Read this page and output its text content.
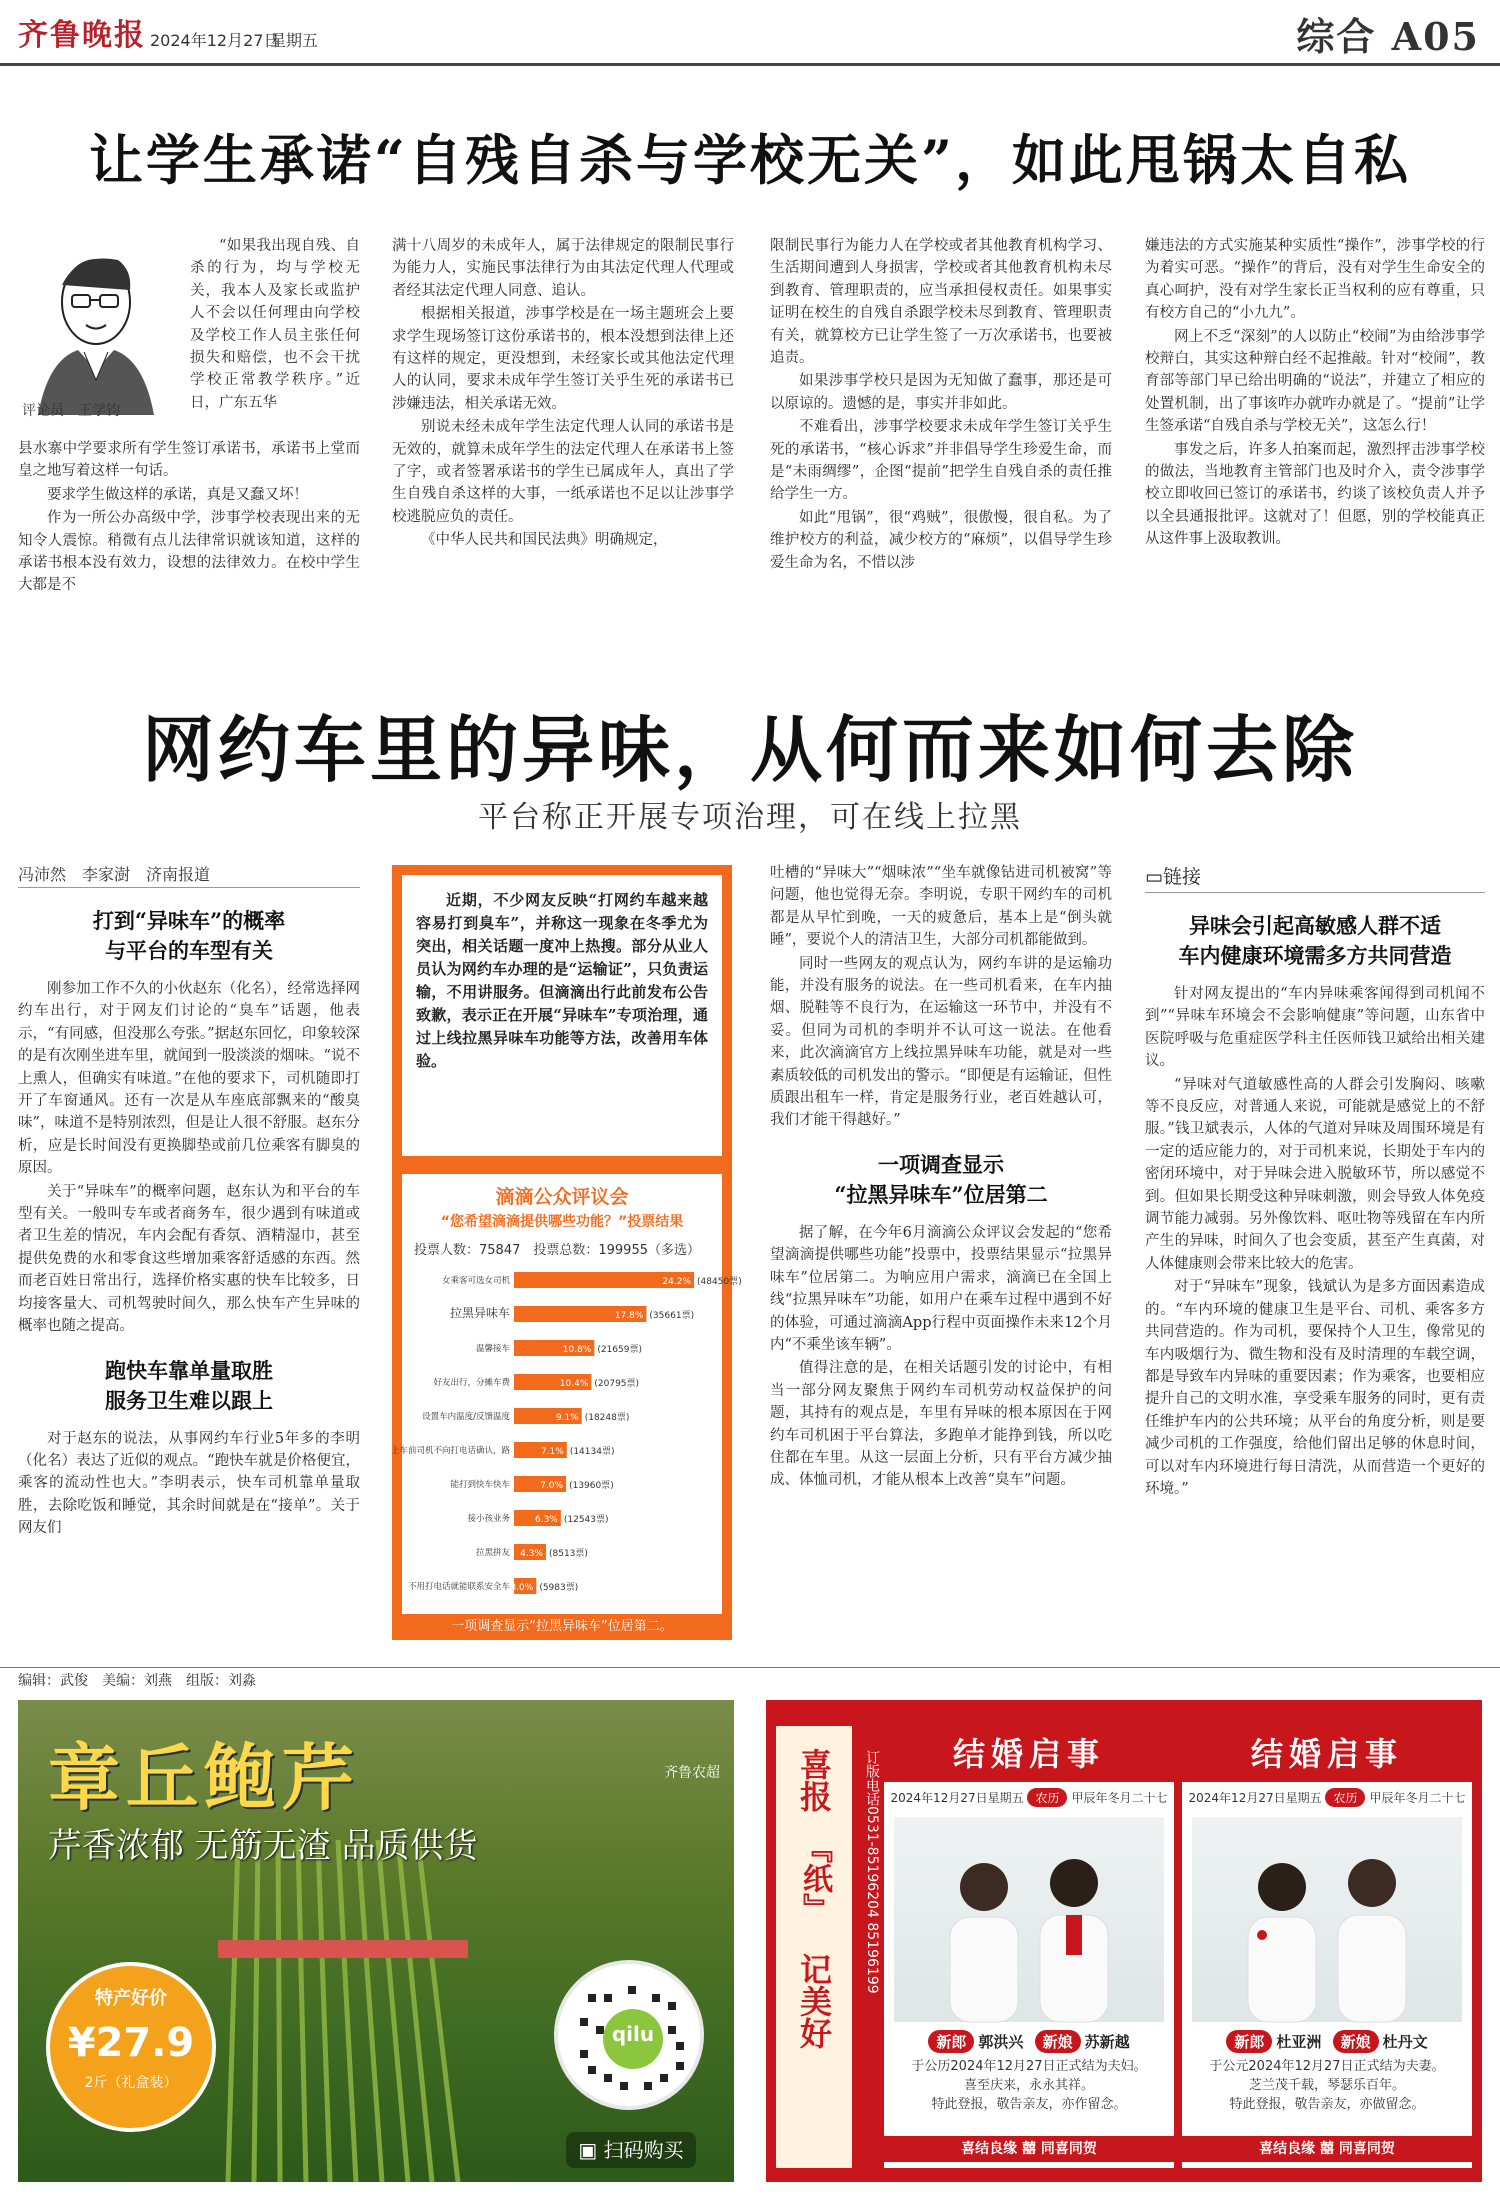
齐鲁晚报 2024年12月27日
星期五	综合 A05
让学生承诺“自残自杀与学校无关”，如此甩锅太自私
评论员　王学钧

“如果我出现自残、自杀的行为，均与学校无关，我本人及家长或监护人不会以任何理由向学校及学校工作人员主张任何损失和赔偿，也不会干扰学校正常教学秩序。”近日，广东五华

县水寨中学要求所有学生签订承诺书，承诺书上堂而皇之地写着这样一句话。

要求学生做这样的承诺，真是又蠢又坏！

作为一所公办高级中学，涉事学校表现出来的无知令人震惊。稍微有点儿法律常识就该知道，这样的承诺书根本没有效力，设想的法律效力。在校中学生大都是不

满十八周岁的未成年人，属于法律规定的限制民事行为能力人，实施民事法律行为由其法定代理人代理或者经其法定代理人同意、追认。

根据相关报道，涉事学校是在一场主题班会上要求学生现场签订这份承诺书的，根本没想到法律上还有这样的规定，更没想到，未经家长或其他法定代理人的认同，要求未成年学生签订关乎生死的承诺书已涉嫌违法，相关承诺无效。

别说未经未成年学生法定代理人认同的承诺书是无效的，就算未成年学生的法定代理人在承诺书上签了字，或者签署承诺书的学生已属成年人，真出了学生自残自杀这样的大事，一纸承诺也不足以让涉事学校逃脱应负的责任。

《中华人民共和国民法典》明确规定，

限制民事行为能力人在学校或者其他教育机构学习、生活期间遭到人身损害，学校或者其他教育机构未尽到教育、管理职责的，应当承担侵权责任。如果事实证明在校生的自残自杀跟学校未尽到教育、管理职责有关，就算校方已让学生签了一万次承诺书，也要被追责。

如果涉事学校只是因为无知做了蠢事，那还是可以原谅的。遗憾的是，事实并非如此。

不难看出，涉事学校要求未成年学生签订关乎生死的承诺书，“核心诉求”并非倡导学生珍爱生命，而是“未雨绸缪”，企图“提前”把学生自残自杀的责任推给学生一方。

如此“甩锅”，很“鸡贼”，很傲慢，很自私。为了维护校方的利益，减少校方的“麻烦”，以倡导学生珍爱生命为名，不惜以涉

嫌违法的方式实施某种实质性“操作”，涉事学校的行为着实可恶。“操作”的背后，没有对学生生命安全的真心呵护，没有对学生家长正当权利的应有尊重，只有校方自己的“小九九”。

网上不乏“深刻”的人以防止“校闹”为由给涉事学校辩白，其实这种辩白经不起推敲。针对“校闹”，教育部等部门早已给出明确的“说法”，并建立了相应的处置机制，出了事该咋办就咋办就是了。“提前”让学生签承诺“自残自杀与学校无关”，这怎么行！

事发之后，许多人拍案而起，激烈抨击涉事学校的做法，当地教育主管部门也及时介入，责令涉事学校立即收回已签订的承诺书，约谈了该校负责人并予以全县通报批评。这就对了！但愿，别的学校能真正从这件事上汲取教训。

网约车里的异味，从何而来如何去除
平台称正开展专项治理，可在线上拉黑
冯沛然　李家澍　济南报道
打到“异味车”的概率
与平台的车型有关

刚参加工作不久的小伙赵东（化名），经常选择网约车出行，对于网友们讨论的“臭车”话题，他表示，“有同感，但没那么夸张。”据赵东回忆，印象较深的是有次刚坐进车里，就闻到一股淡淡的烟味。“说不上熏人，但确实有味道。”在他的要求下，司机随即打开了车窗通风。还有一次是从车座底部飘来的“酸臭味”，味道不是特别浓烈，但是让人很不舒服。赵东分析，应是长时间没有更换脚垫或前几位乘客有脚臭的原因。

关于“异味车”的概率问题，赵东认为和平台的车型有关。一般叫专车或者商务车，很少遇到有味道或者卫生差的情况，车内会配有香氛、酒精湿巾，甚至提供免费的水和零食这些增加乘客舒适感的东西。然而老百姓日常出行，选择价格实惠的快车比较多，日均接客量大、司机驾驶时间久，那么快车产生异味的概率也随之提高。

跑快车靠单量取胜
服务卫生难以跟上

对于赵东的说法，从事网约车行业5年多的李明（化名）表达了近似的观点。“跑快车就是价格便宜，乘客的流动性也大。”李明表示，快车司机靠单量取胜，去除吃饭和睡觉，其余时间就是在“接单”。关于网友们

近期，不少网友反映“打网约车越来越容易打到臭车”，并称这一现象在冬季尤为突出，相关话题一度冲上热搜。部分从业人员认为网约车办理的是“运输证”，只负责运输，不用讲服务。但滴滴出行此前发布公告致歉，表示正在开展“异味车”专项治理，通过上线拉黑异味车功能等方法，改善用车体验。
滴滴公众评议会
“您希望滴滴提供哪些功能？”投票结果
投票人数：75847　投票总数：199955（多选）
女乘客可选女司机	24.2% (48450票)
拉黑异味车	17.8% (35661票)
温馨接车	10.8% (21659票)
好友出行，分摊车费	10.4% (20795票)
设置车内温度/反馈温度	9.1% (18248票)
上车前司机不向打电话确认，路	7.1% (14134票)
能打到快车快车	7.0% (13960票)
接小孩业务	6.3% (12543票)
拉黑拼友 4.3% (8513票)
不用打电话就能联系安全车 3.0% (5983票)
一项调查显示“拉黑异味车”位居第二。

吐槽的“异味大”“烟味浓”“坐车就像钻进司机被窝”等问题，他也觉得无奈。李明说，专职干网约车的司机都是从早忙到晚，一天的疲惫后，基本上是“倒头就睡”，要说个人的清洁卫生，大部分司机都能做到。

同时一些网友的观点认为，网约车讲的是运输功能，并没有服务的说法。在一些司机看来，在车内抽烟、脱鞋等不良行为，在运输这一环节中，并没有不妥。但同为司机的李明并不认可这一说法。在他看来，此次滴滴官方上线拉黑异味车功能，就是对一些素质较低的司机发出的警示。“即便是有运输证，但性质跟出租车一样，肯定是服务行业，老百姓越认可，我们才能干得越好。”

一项调查显示
“拉黑异味车”位居第二

据了解，在今年6月滴滴公众评议会发起的“您希望滴滴提供哪些功能”投票中，投票结果显示“拉黑异味车”位居第二。为响应用户需求，滴滴已在全国上线“拉黑异味车”功能，如用户在乘车过程中遇到不好的体验，可通过滴滴App行程中页面操作未来12个月内“不乘坐该车辆”。

值得注意的是，在相关话题引发的讨论中，有相当一部分网友聚焦于网约车司机劳动权益保护的问题，其持有的观点是，车里有异味的根本原因在于网约车司机困于平台算法，多跑单才能挣到钱，所以吃住都在车里。从这一层面上分析，只有平台方减少抽成、体恤司机，才能从根本上改善“臭车”问题。

▭链接
异味会引起高敏感人群不适
车内健康环境需多方共同营造

针对网友提出的“车内异味乘客闻得到司机闻不到”“异味车环境会不会影响健康”等问题，山东省中医院呼吸与危重症医学科主任医师钱卫斌给出相关建议。

“异味对气道敏感性高的人群会引发胸闷、咳嗽等不良反应，对普通人来说，可能就是感觉上的不舒服。”钱卫斌表示，人体的气道对异味及周围环境是有一定的适应能力的，对于司机来说，长期处于车内的密闭环境中，对于异味会进入脱敏环节，所以感觉不到。但如果长期受这种异味刺激，则会导致人体免疫调节能力减弱。另外像饮料、呕吐物等残留在车内所产生的异味，时间久了也会变质，甚至产生真菌，对人体健康则会带来比较大的危害。

对于“异味车”现象，钱斌认为是多方面因素造成的。“车内环境的健康卫生是平台、司机、乘客多方共同营造的。作为司机，要保持个人卫生，像常见的车内吸烟行为、微生物和没有及时清理的车载空调，都是导致车内异味的重要因素；作为乘客，也要相应提升自己的文明水准，享受乘车服务的同时，更有责任维护车内的公共环境；从平台的角度分析，则是要减少司机的工作强度，给他们留出足够的休息时间，可以对车内环境进行每日清洗，从而营造一个更好的环境。”

编辑：武俊　美编：刘燕　组版：刘淼
章丘鲍芹
芹香浓郁 无筋无渣 品质供货
齐鲁农超
特产好价
¥27.9
2斤（礼盒装）
qilu
▣ 扫码购买
喜报
『纸』
记美好
订版电话0531-85196204 85196199	结婚启事
2024年12月27日星期五 农历 甲辰年冬月二十七
新郎 郭洪兴 新娘 苏新越
于公历2024年12月27日正式结为夫妇。
喜至庆来，永永其祥。
特此登报，敬告亲友，亦作留念。
喜结良缘 囍 同喜同贺
结婚启事
2024年12月27日星期五 农历 甲辰年冬月二十七
新郎 杜亚洲 新娘 杜丹文
于公元2024年12月27日正式结为夫妻。
芝兰茂千载，琴瑟乐百年。
特此登报，敬告亲友，亦做留念。
喜结良缘 囍 同喜同贺
